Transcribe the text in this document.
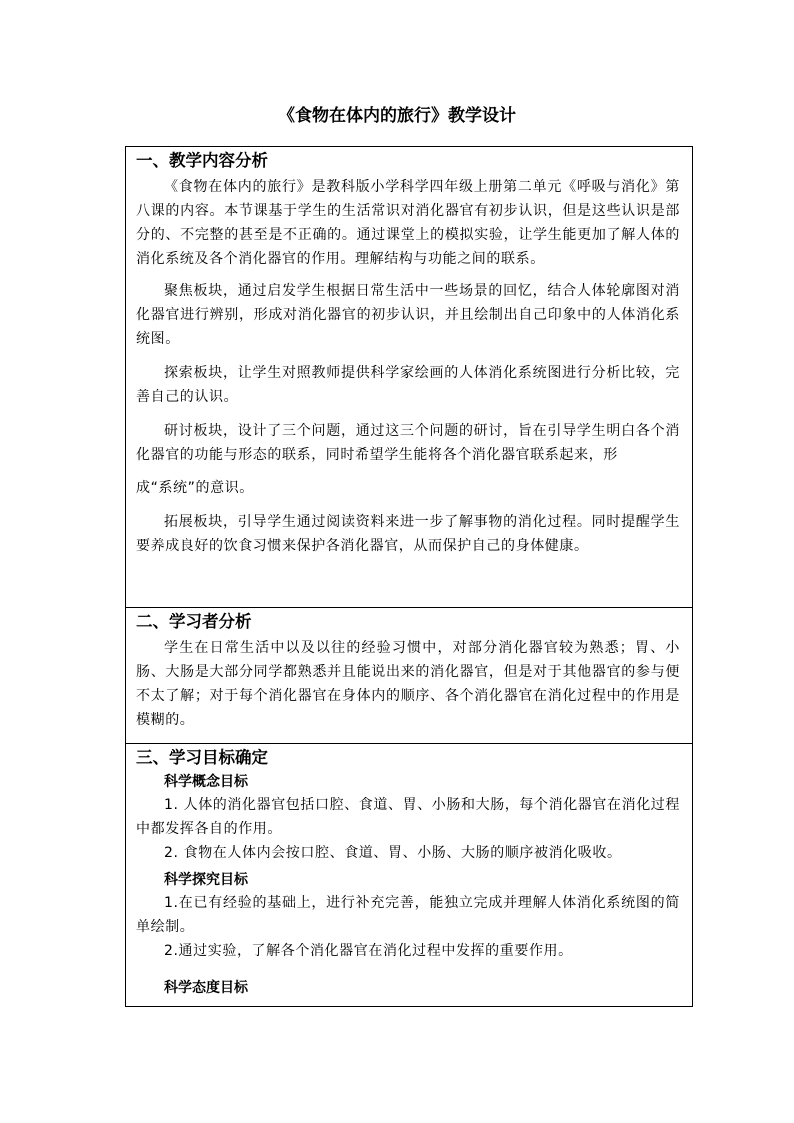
《食物在体内的旅行》教学设计
一、教学内容分析

《食物在体内的旅行》是教科版小学科学四年级上册第二单元《呼吸与消化》第八课的内容。本节课基于学生的生活常识对消化器官有初步认识，但是这些认识是部分的、不完整的甚至是不正确的。通过课堂上的模拟实验，让学生能更加了解人体的消化系统及各个消化器官的作用。理解结构与功能之间的联系。

聚焦板块，通过启发学生根据日常生活中一些场景的回忆，结合人体轮廓图对消化器官进行辨别，形成对消化器官的初步认识，并且绘制出自己印象中的人体消化系统图。

探索板块，让学生对照教师提供科学家绘画的人体消化系统图进行分析比较，完善自己的认识。

研讨板块，设计了三个问题，通过这三个问题的研讨，旨在引导学生明白各个消化器官的功能与形态的联系，同时希望学生能将各个消化器官联系起来，形
成“系统”的意识。

拓展板块，引导学生通过阅读资料来进一步了解事物的消化过程。同时提醒学生要养成良好的饮食习惯来保护各消化器官，从而保护自己的身体健康。

二、学习者分析

学生在日常生活中以及以往的经验习惯中，对部分消化器官较为熟悉；胃、小肠、大肠是大部分同学都熟悉并且能说出来的消化器官，但是对于其他器官的参与便不太了解；对于每个消化器官在身体内的顺序、各个消化器官在消化过程中的作用是模糊的。

三、学习目标确定

科学概念目标

1. 人体的消化器官包括口腔、食道、胃、小肠和大肠，每个消化器官在消化过程中都发挥各自的作用。

2. 食物在人体内会按口腔、食道、胃、小肠、大肠的顺序被消化吸收。

科学探究目标

1.在已有经验的基础上，进行补充完善，能独立完成并理解人体消化系统图的简单绘制。

2.通过实验，了解各个消化器官在消化过程中发挥的重要作用。

科学态度目标
